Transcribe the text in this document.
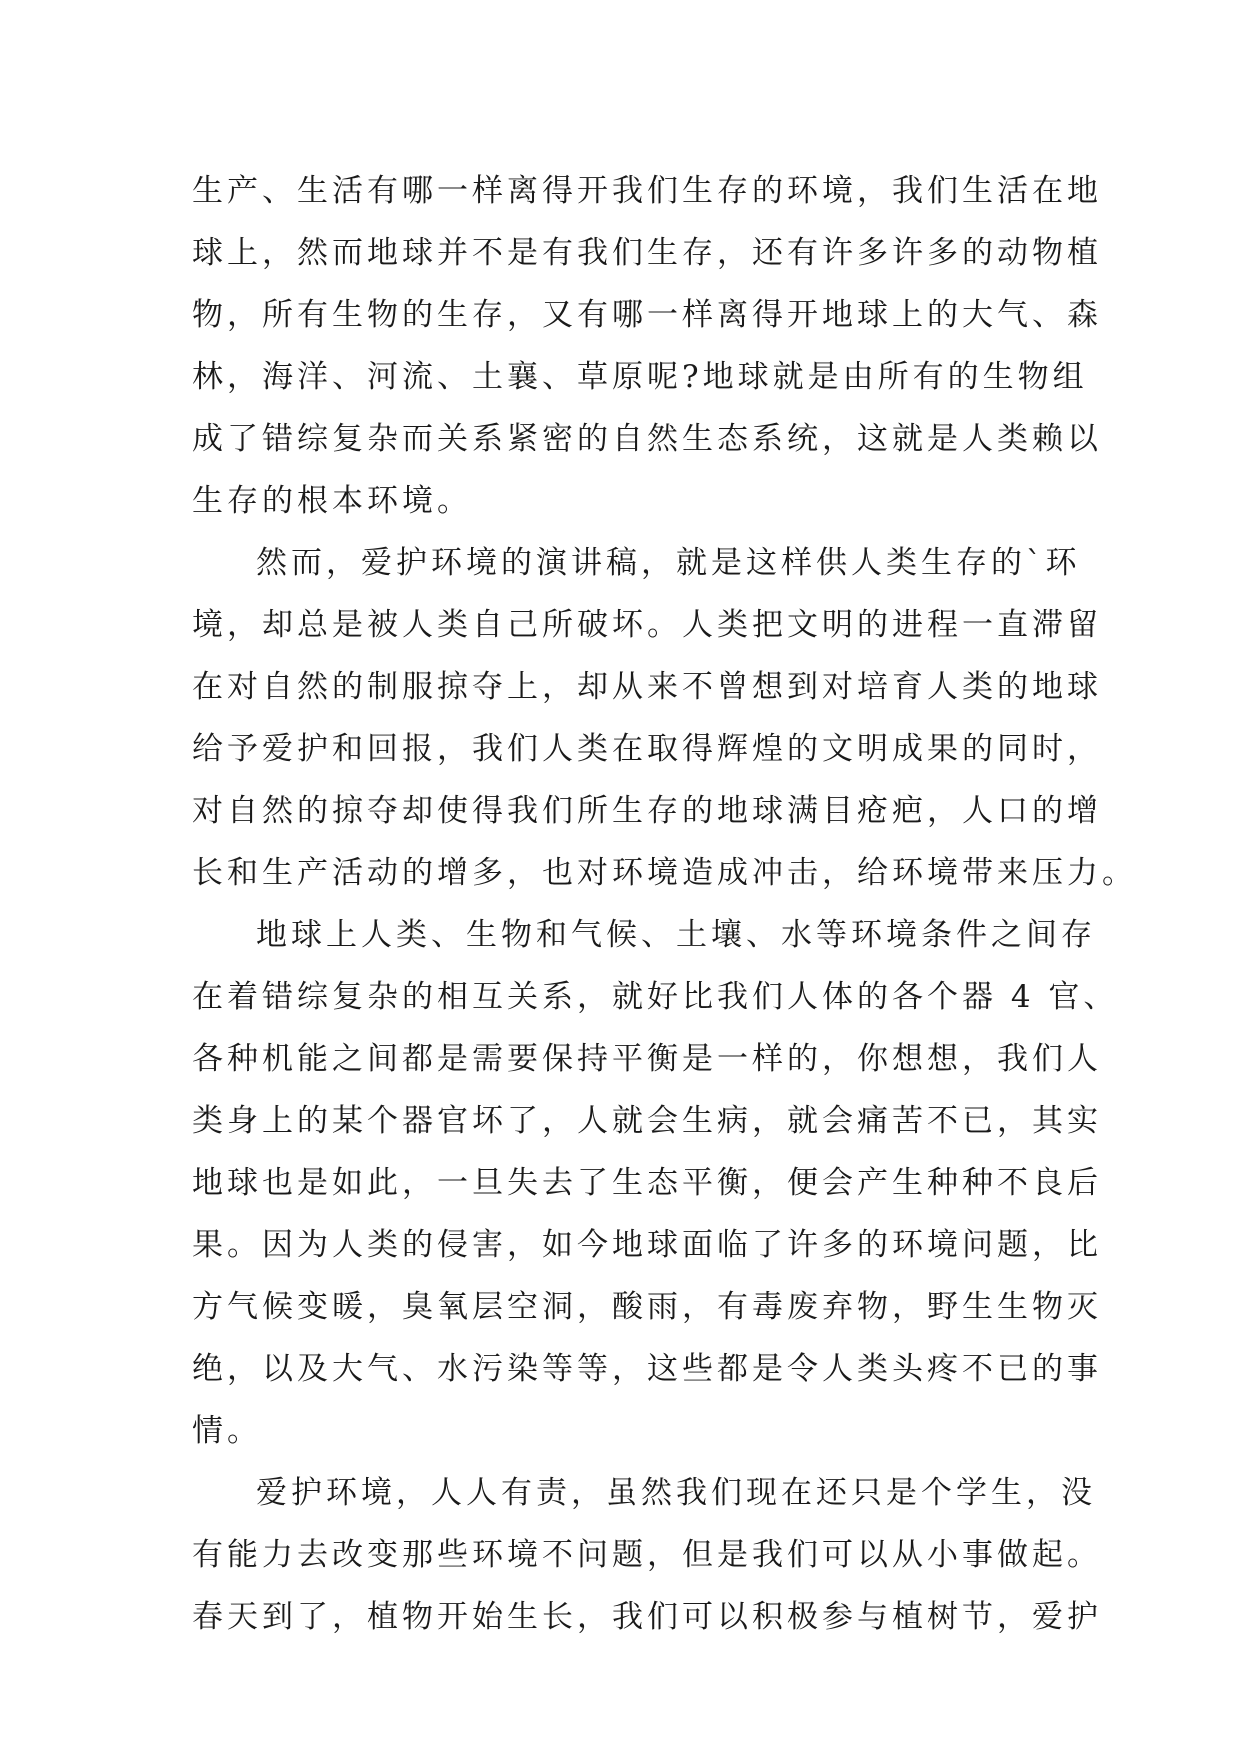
生产、生活有哪一样离得开我们生存的环境，我们生活在地
球上，然而地球并不是有我们生存，还有许多许多的动物植
物，所有生物的生存，又有哪一样离得开地球上的大气、森
林，海洋、河流、土襄、草原呢?地球就是由所有的生物组
成了错综复杂而关系紧密的自然生态系统，这就是人类赖以
生存的根本环境。
然而，爱护环境的演讲稿，就是这样供人类生存的`环
境，却总是被人类自己所破坏。人类把文明的进程一直滞留
在对自然的制服掠夺上，却从来不曾想到对培育人类的地球
给予爱护和回报，我们人类在取得辉煌的文明成果的同时，
对自然的掠夺却使得我们所生存的地球满目疮疤，人口的增
长和生产活动的增多，也对环境造成冲击，给环境带来压力。
地球上人类、生物和气候、土壤、水等环境条件之间存
在着错综复杂的相互关系，就好比我们人体的各个器 4 官、
各种机能之间都是需要保持平衡是一样的，你想想，我们人
类身上的某个器官坏了，人就会生病，就会痛苦不已，其实
地球也是如此，一旦失去了生态平衡，便会产生种种不良后
果。因为人类的侵害，如今地球面临了许多的环境问题，比
方气候变暖，臭氧层空洞，酸雨，有毒废弃物，野生生物灭
绝，以及大气、水污染等等，这些都是令人类头疼不已的事
情。
爱护环境，人人有责，虽然我们现在还只是个学生，没
有能力去改变那些环境不问题，但是我们可以从小事做起。
春天到了，植物开始生长，我们可以积极参与植树节，爱护
